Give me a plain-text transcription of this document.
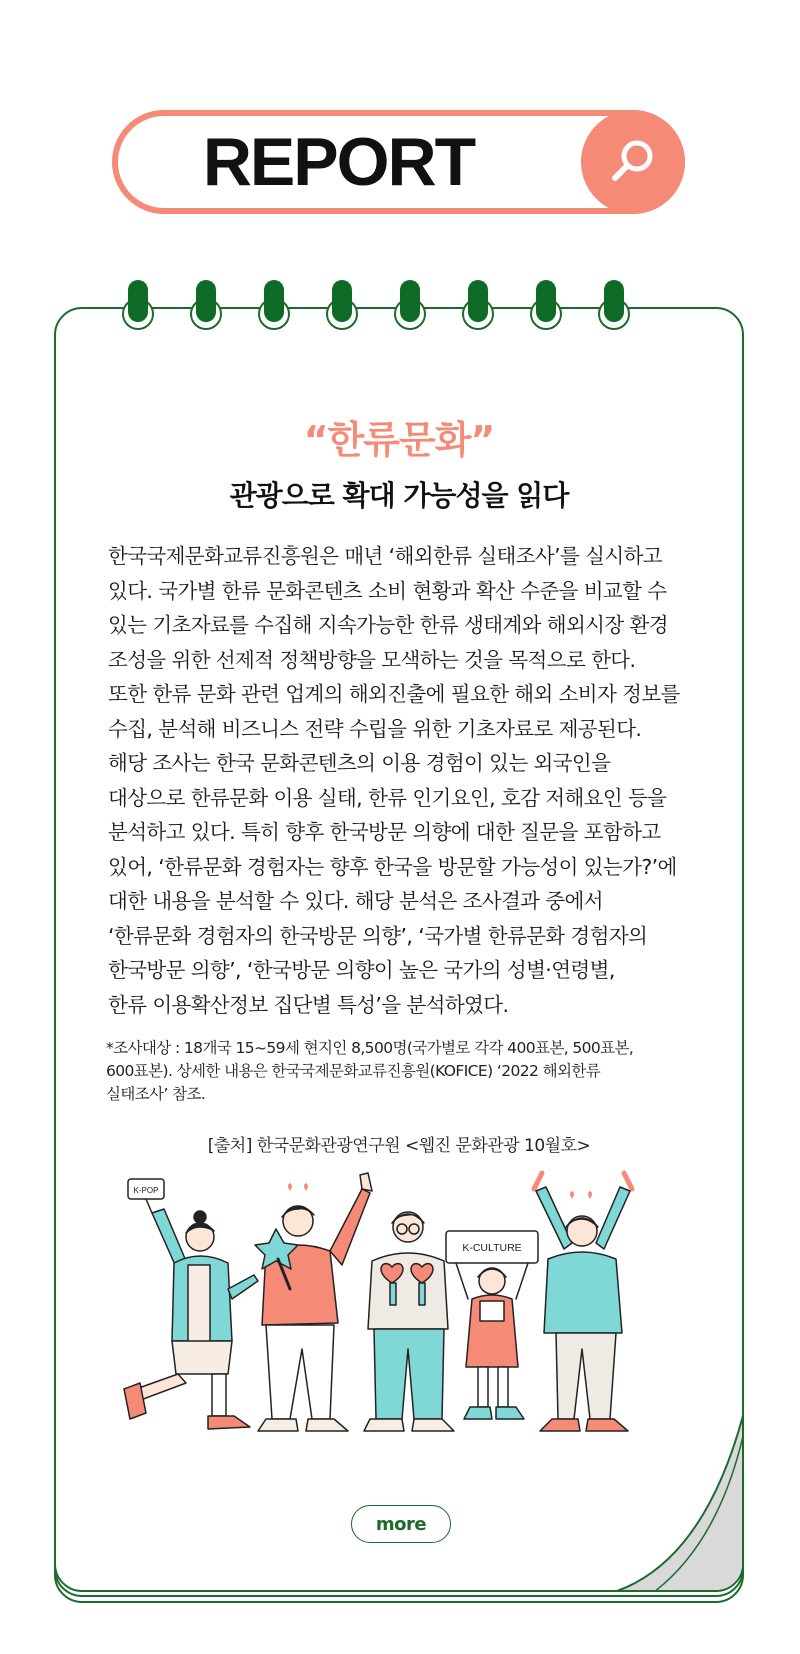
REPORT
“한류문화”
관광으로 확대 가능성을 읽다

한국국제문화교류진흥원은 매년 ‘해외한류 실태조사’를 실시하고

있다. 국가별 한류 문화콘텐츠 소비 현황과 확산 수준을 비교할 수

있는 기초자료를 수집해 지속가능한 한류 생태계와 해외시장 환경

조성을 위한 선제적 정책방향을 모색하는 것을 목적으로 한다.

또한 한류 문화 관련 업계의 해외진출에 필요한 해외 소비자 정보를

수집, 분석해 비즈니스 전략 수립을 위한 기초자료로 제공된다.

해당 조사는 한국 문화콘텐츠의 이용 경험이 있는 외국인을

대상으로 한류문화 이용 실태, 한류 인기요인, 호감 저해요인 등을

분석하고 있다. 특히 향후 한국방문 의향에 대한 질문을 포함하고

있어, ‘한류문화 경험자는 향후 한국을 방문할 가능성이 있는가?’에

대한 내용을 분석할 수 있다. 해당 분석은 조사결과 중에서

‘한류문화 경험자의 한국방문 의향’, ‘국가별 한류문화 경험자의

한국방문 의향’, ‘한국방문 의향이 높은 국가의 성별·연령별,

한류 이용확산정보 집단별 특성’을 분석하였다.

*조사대상 : 18개국 15~59세 현지인 8,500명(국가별로 각각 400표본, 500표본,
600표본). 상세한 내용은 한국국제문화교류진흥원(KOFICE) ‘2022 해외한류
실태조사’ 참조.
[출처] 한국문화관광연구원 <웹진 문화관광 10월호>
K-POP
K-CULTURE
more
